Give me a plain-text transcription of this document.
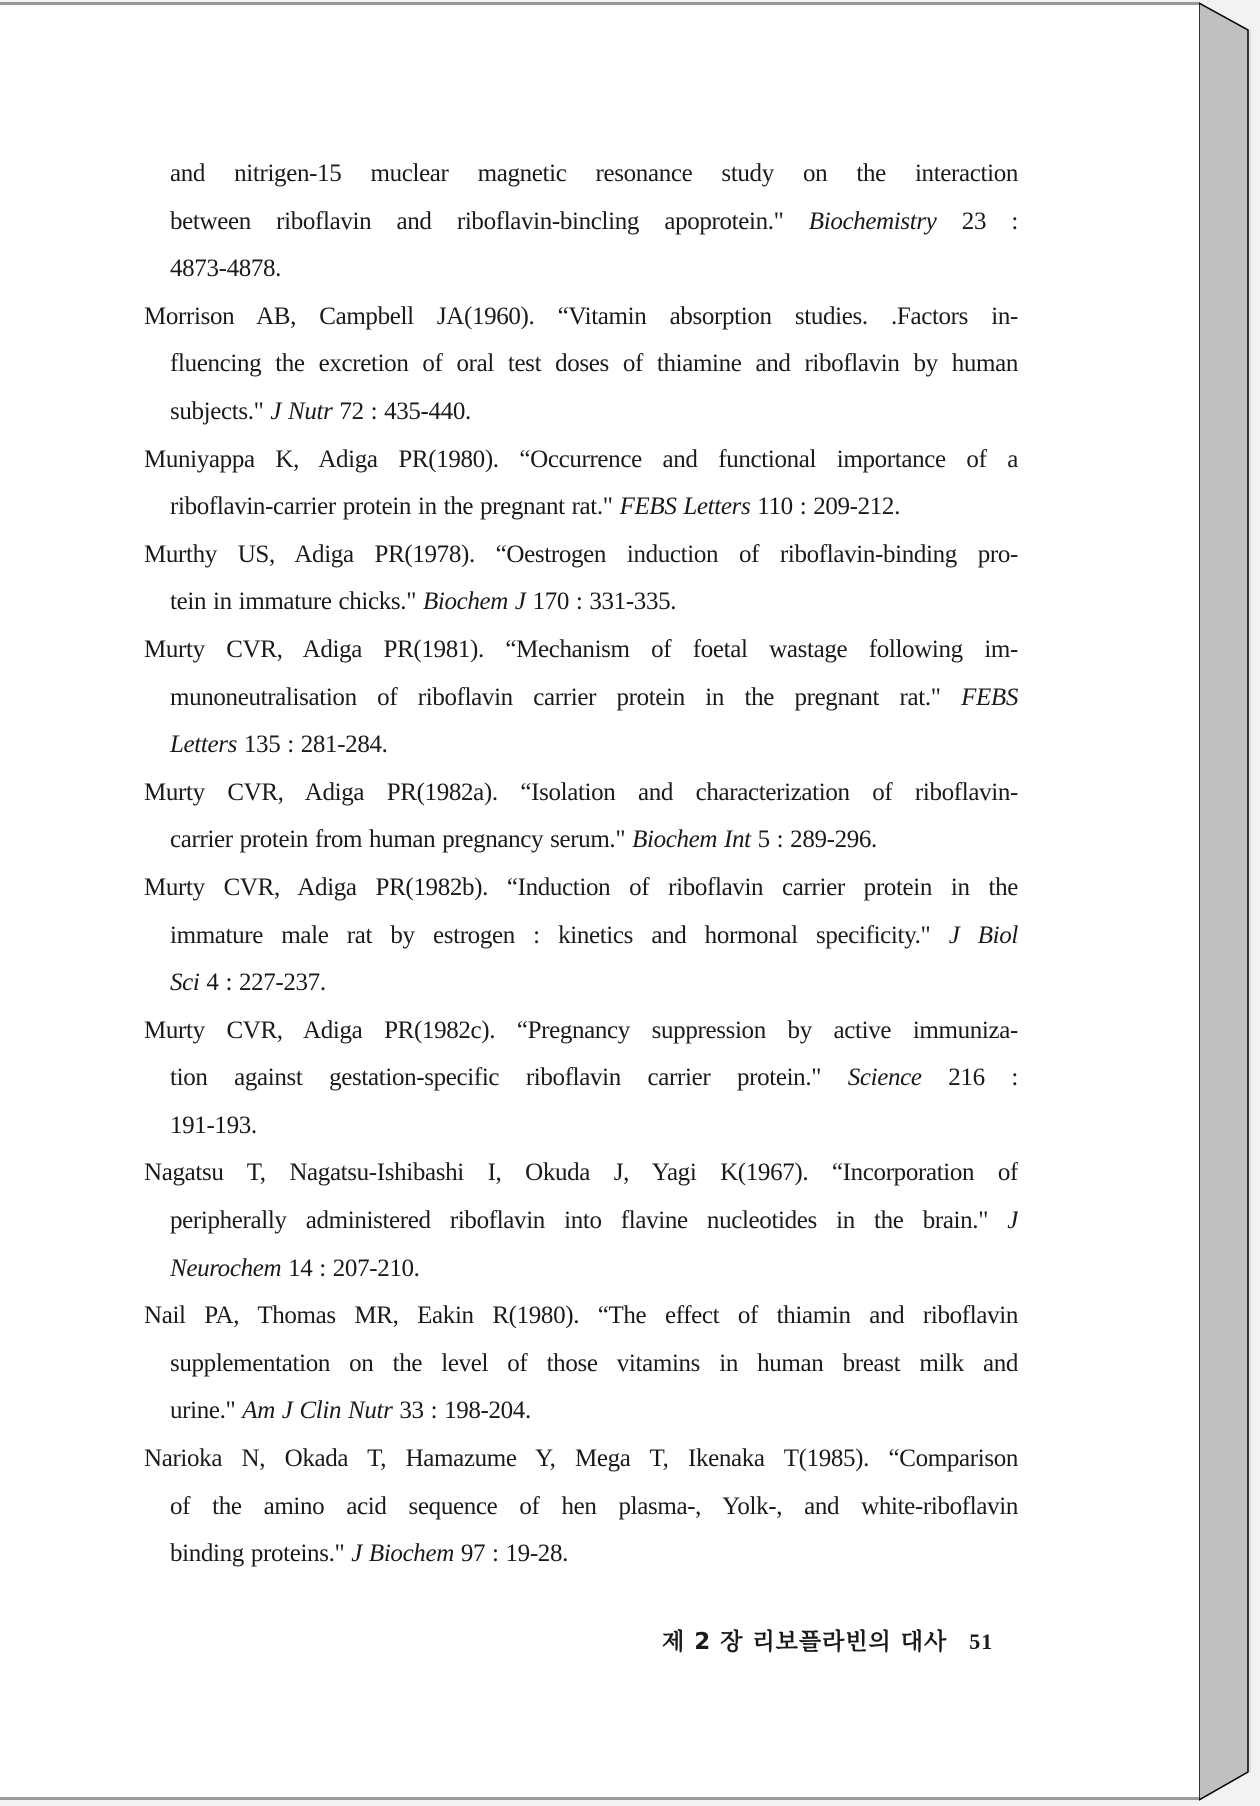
and nitrigen-15 muclear magnetic resonance study on the interaction
between riboflavin and riboflavin-bincling apoprotein." Biochemistry 23 :
4873-4878.
Morrison AB, Campbell JA(1960). “Vitamin absorption studies. .Factors in-
fluencing the excretion of oral test doses of thiamine and riboflavin by human
subjects." J Nutr 72 : 435-440.
Muniyappa K, Adiga PR(1980). “Occurrence and functional importance of a
riboflavin-carrier protein in the pregnant rat." FEBS Letters 110 : 209-212.
Murthy US, Adiga PR(1978). “Oestrogen induction of riboflavin-binding pro-
tein in immature chicks." Biochem J 170 : 331-335.
Murty CVR, Adiga PR(1981). “Mechanism of foetal wastage following im-
munoneutralisation of riboflavin carrier protein in the pregnant rat." FEBS
Letters 135 : 281-284.
Murty CVR, Adiga PR(1982a). “Isolation and characterization of riboflavin-
carrier protein from human pregnancy serum." Biochem Int 5 : 289-296.
Murty CVR, Adiga PR(1982b). “Induction of riboflavin carrier protein in the
immature male rat by estrogen : kinetics and hormonal specificity." J Biol
Sci 4 : 227-237.
Murty CVR, Adiga PR(1982c). “Pregnancy suppression by active immuniza-
tion against gestation-specific riboflavin carrier protein." Science 216 :
191-193.
Nagatsu T, Nagatsu-Ishibashi I, Okuda J, Yagi K(1967). “Incorporation of
peripherally administered riboflavin into flavine nucleotides in the brain." J
Neurochem 14 : 207-210.
Nail PA, Thomas MR, Eakin R(1980). “The effect of thiamin and riboflavin
supplementation on the level of those vitamins in human breast milk and
urine." Am J Clin Nutr 33 : 198-204.
Narioka N, Okada T, Hamazume Y, Mega T, Ikenaka T(1985). “Comparison
of the amino acid sequence of hen plasma-, Yolk-, and white-riboflavin
binding proteins." J Biochem 97 : 19-28.
제 2 장 리보플라빈의 대사 51
